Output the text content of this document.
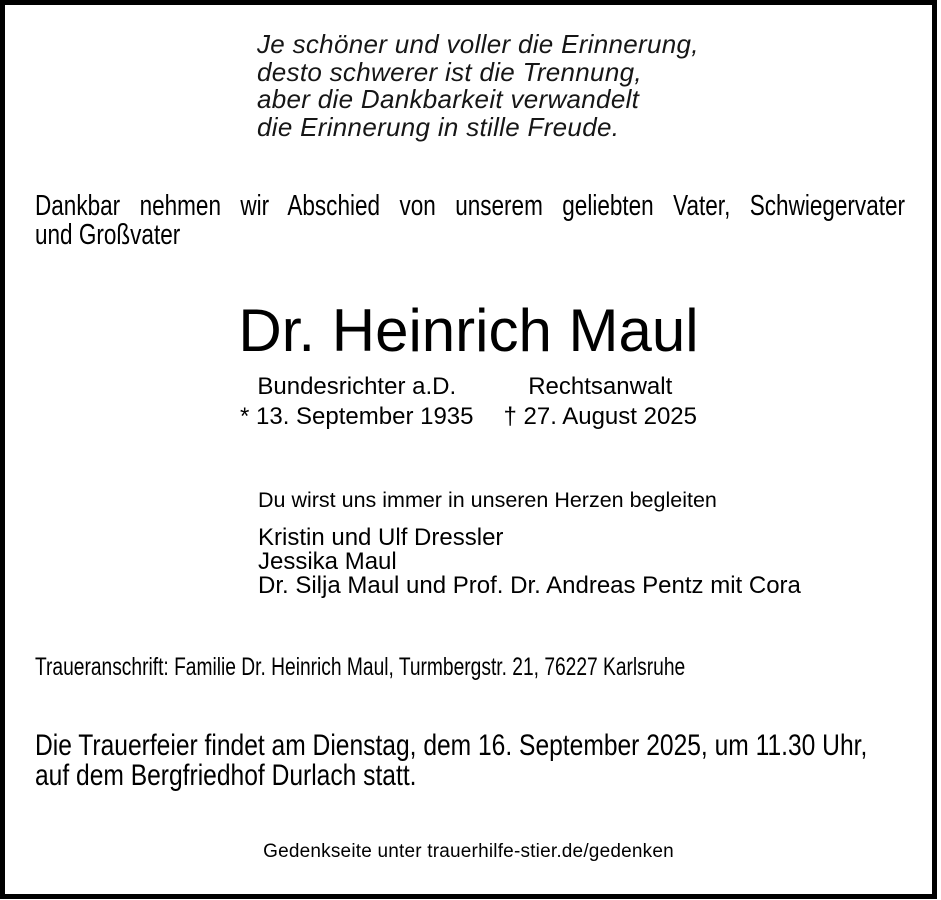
Je schöner und voller die Erinnerung,
desto schwerer ist die Trennung,
aber die Dankbarkeit verwandelt
die Erinnerung in stille Freude.
Dankbar nehmen wir Abschied von unserem geliebten Vater, Schwiegervater
und Großvater
Dr. Heinrich Maul
Bundesrichter a.D.
* 13. September 1935
Rechtsanwalt
† 27. August 2025
Du wirst uns immer in unseren Herzen begleiten
Kristin und Ulf Dressler
Jessika Maul
Dr. Silja Maul und Prof. Dr. Andreas Pentz mit Cora
Traueranschrift: Familie Dr. Heinrich Maul, Turmbergstr. 21, 76227 Karlsruhe
Die Trauerfeier findet am Dienstag, dem 16. September 2025, um 11.30 Uhr,
auf dem Bergfriedhof Durlach statt.
Gedenkseite unter trauerhilfe-stier.de/gedenken
